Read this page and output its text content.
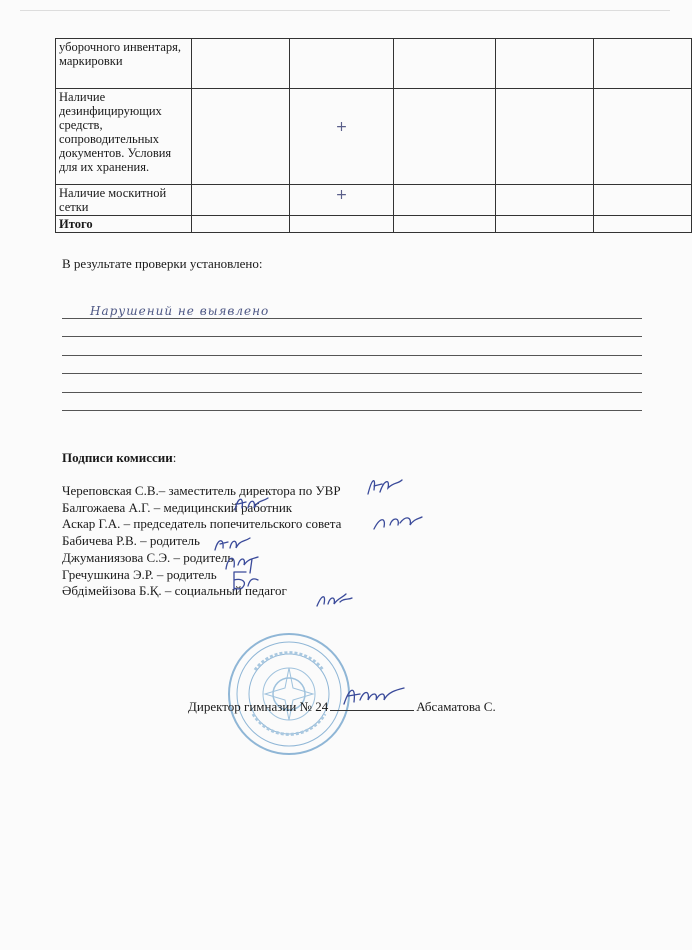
уборочного инвентаря, маркировки					
Наличие дезинфицирующих средств, сопроводительных документов. Условия для их хранения.		+			

Наличие москитной сетки		+			

Итого					
В результате проверки установлено:
Нарушений не выявлено
Подписи комиссии:
Череповская С.В.– заместитель директора по УВР
Балгожаева А.Г. – медицинский работник
Аскар Г.А. – председатель попечительского совета
Бабичева Р.В. – родитель
Джуманиязова С.Э. – родитель
Гречушкина Э.Р. – родитель
Әбдімейізова Б.Қ. – социальный педагог
Директор гимназии № 24	Абсаматова С.
